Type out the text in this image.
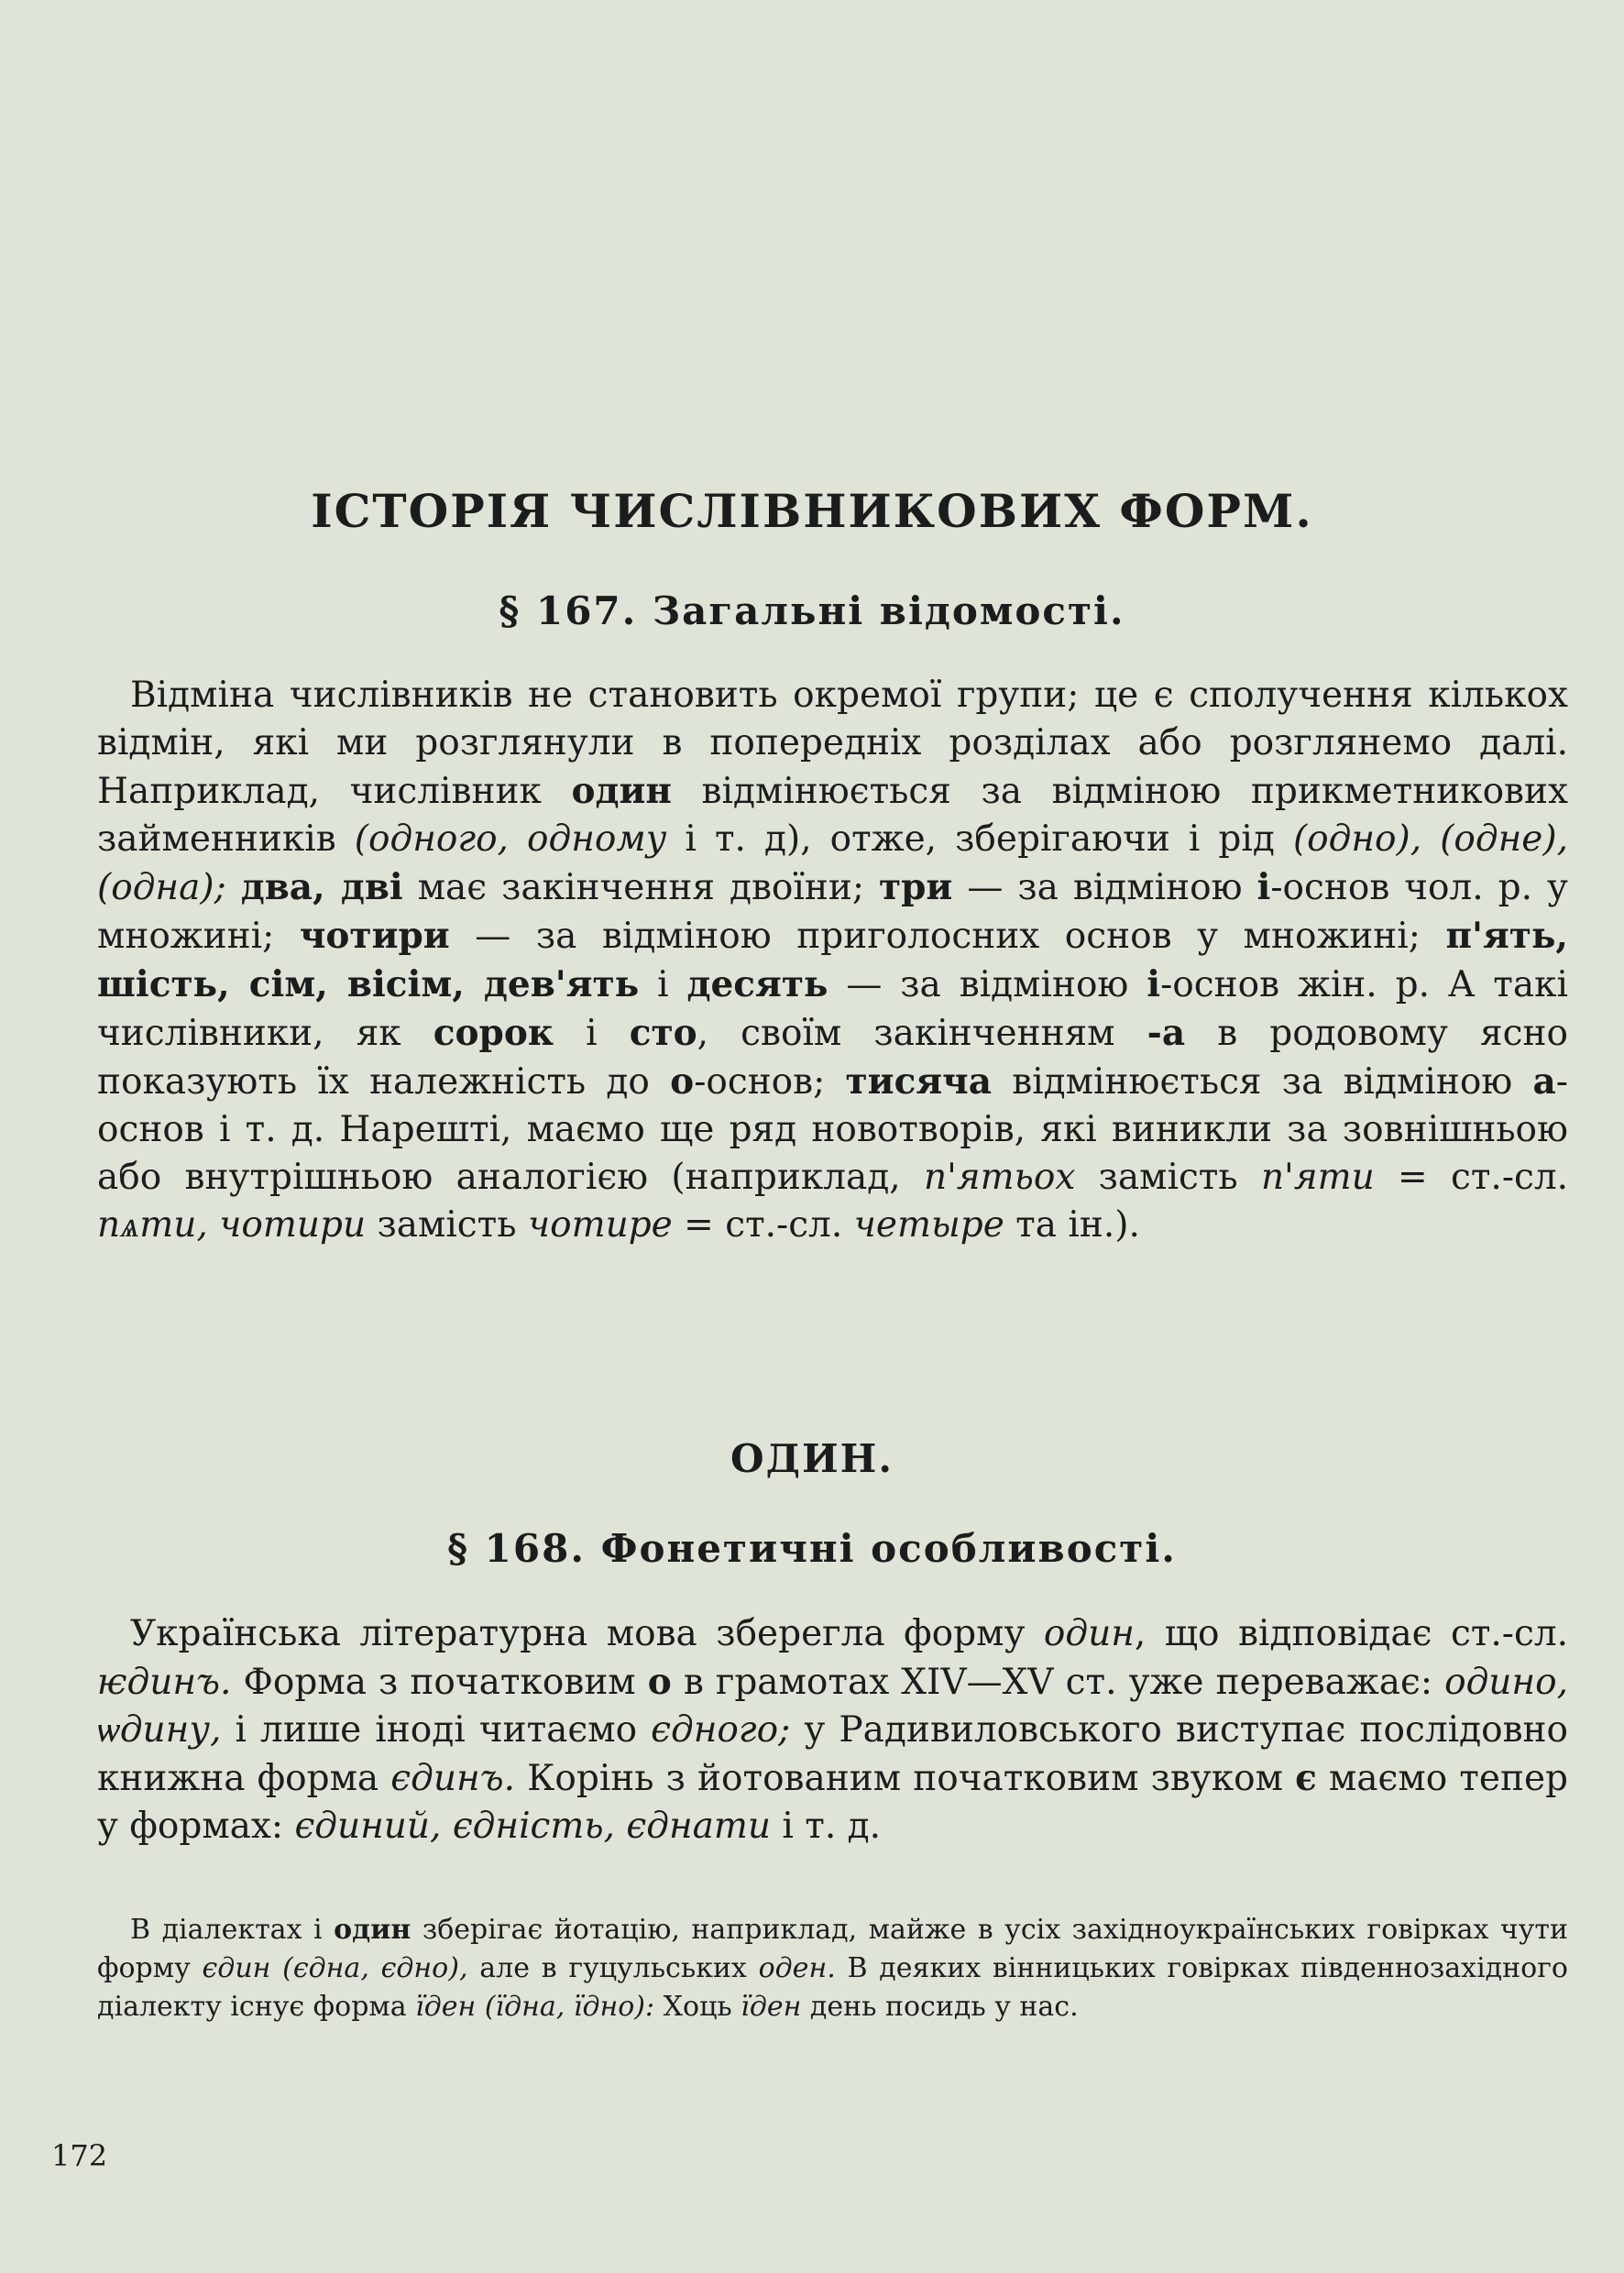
ІСТОРІЯ ЧИСЛІВНИКОВИХ ФОРМ.
§ 167. Загальні відомості.

Відміна числівників не становить окремої групи; це є сполучення кількох відмін, які ми розглянули в попередніх розділах або розглянемо далі. Наприклад, числівник один відмінюється за відміною прикметникових займенників (одного, одному і т. д), отже, зберігаючи і рід (одно), (одне), (одна); два, дві має закінчення двоїни; три — за відміною і-основ чол. р. у множині; чотири — за відміною приголосних основ у множині; п'ять, шість, сім, вісім, дев'ять і десять — за відміною і-основ жін. р. А такі числівники, як сорок і сто, своїм закінченням -а в родовому ясно показують їх належність до о-основ; тисяча відмінюється за відміною а-основ і т. д. Нарешті, маємо ще ряд новотворів, які виникли за зовнішньою або внутрішньою аналогією (наприклад, п'ятьох замість п'яти = ст.-сл. пѧти, чотири замість чотире = ст.-сл. четыре та ін.).

ОДИН.
§ 168. Фонетичні особливості.

Українська літературна мова зберегла форму один, що відповідає ст.-сл. ѥдинъ. Форма з початковим о в грамотах XIV—XV ст. уже переважає: одино, ѡдину, і лише іноді читаємо єдного; у Радивиловського виступає послідовно книжна форма єдинъ. Корінь з йотованим початковим звуком є маємо тепер у формах: єдиний, єдність, єднати і т. д.

В діалектах і один зберігає йотацію, наприклад, майже в усіх західноукраїнських говірках чути форму єдин (єдна, єдно), але в гуцульських оден. В деяких вінницьких говірках південнозахідного діалекту існує форма їден (їдна, їдно): Хоць їден день посидь у нас.

172
